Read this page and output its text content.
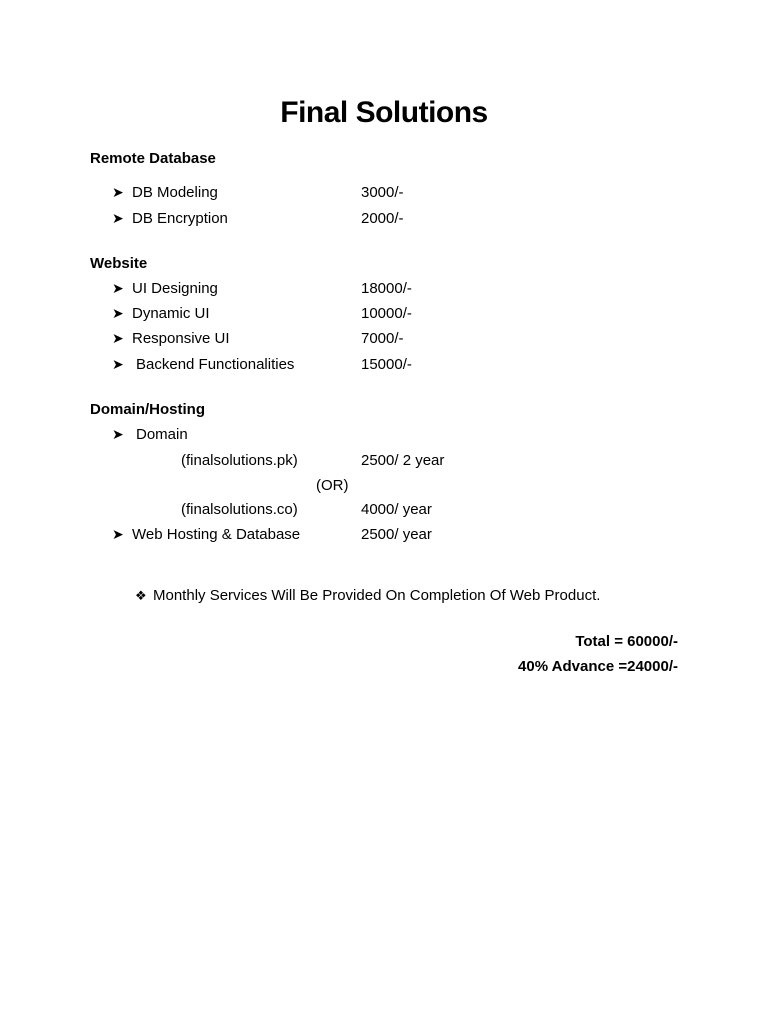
Final Solutions
Remote Database
➤ DB Modeling	3000/-
➤ DB Encryption	2000/-
Website
➤ UI Designing	18000/-
➤ Dynamic UI	10000/-
➤ Responsive UI	7000/-
➤ Backend Functionalities	15000/-
Domain/Hosting
➤ Domain
(finalsolutions.pk)	2500/ 2 year
(OR)
(finalsolutions.co)	4000/ year
➤ Web Hosting & Database	2500/ year
❖ Monthly Services Will Be Provided On Completion Of Web Product.
Total = 60000/-
40% Advance =24000/-
